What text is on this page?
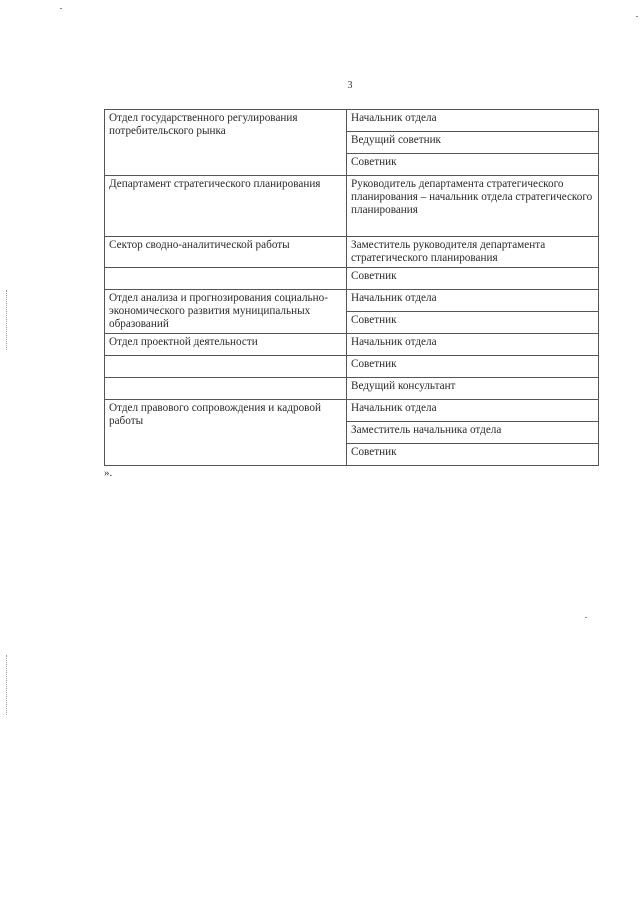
3
Отдел государственного регулирования потребительского рынка	Начальник отдела
	Ведущий советник
	Советник
Департамент стратегического планирования	Руководитель департамента стратегического планирования – начальник отдела стратегического планирования
Сектор сводно-аналитической работы	Заместитель руководителя департамента стратегического планирования
	Советник
Отдел анализа и прогнозирования социально-экономического развития муниципальных образований	Начальник отдела
	Советник
Отдел проектной деятельности	Начальник отдела
	Советник
	Ведущий консультант
Отдел правового сопровождения и кадровой работы	Начальник отдела
	Заместитель начальника отдела
	Советник
».
